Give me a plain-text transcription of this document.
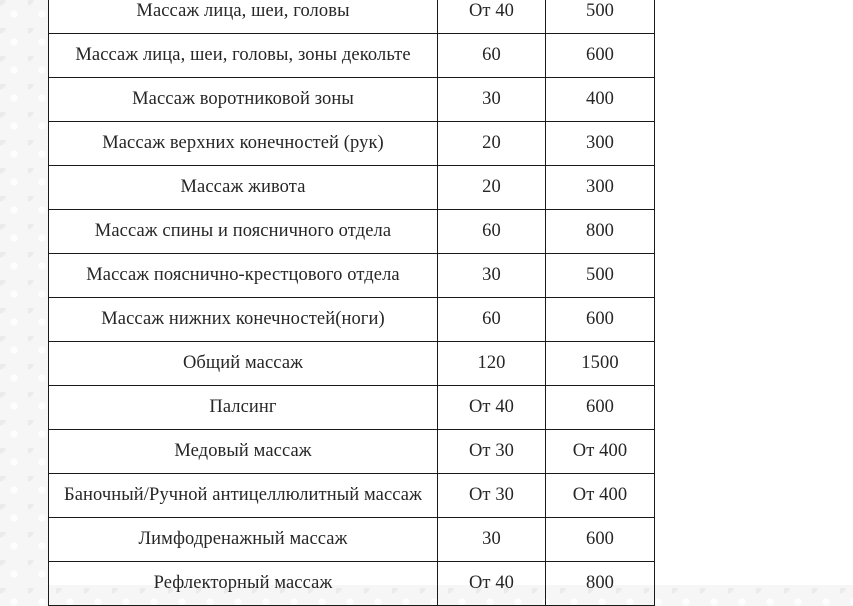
Массаж лица, шеи, головы	От 40	500
Массаж лица, шеи, головы, зоны декольте	60	600
Массаж воротниковой зоны	30	400
Массаж верхних конечностей (рук)	20	300
Массаж живота	20	300
Массаж спины и поясничного отдела	60	800
Массаж пояснично-крестцового отдела	30	500
Массаж нижних конечностей(ноги)	60	600
Общий массаж	120	1500
Палсинг	От 40	600
Медовый массаж	От 30	От 400
Баночный/Ручной антицеллюлитный массаж	От 30	От 400
Лимфодренажный массаж	30	600
Рефлекторный массаж	От 40	800
